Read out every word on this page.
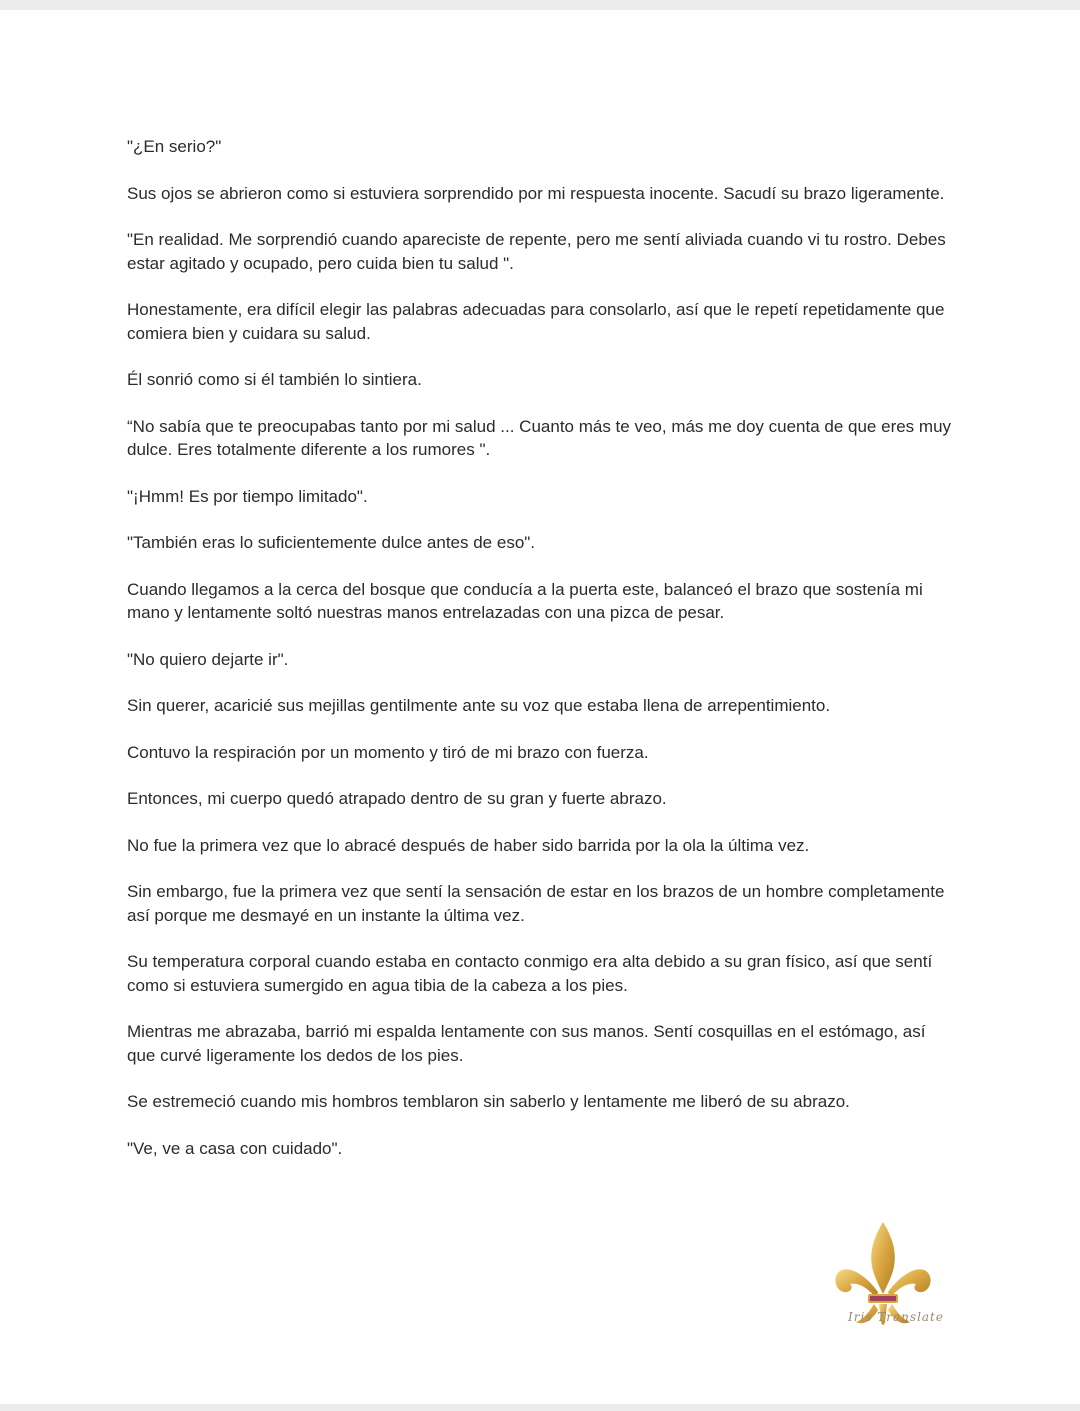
"¿En serio?"

Sus ojos se abrieron como si estuviera sorprendido por mi respuesta inocente. Sacudí su brazo ligeramente.

"En realidad. Me sorprendió cuando apareciste de repente, pero me sentí aliviada cuando vi tu rostro. Debes estar agitado y ocupado, pero cuida bien tu salud ".

Honestamente, era difícil elegir las palabras adecuadas para consolarlo, así que le repetí repetidamente que comiera bien y cuidara su salud.

Él sonrió como si él también lo sintiera.

“No sabía que te preocupabas tanto por mi salud ... Cuanto más te veo, más me doy cuenta de que eres muy dulce. Eres totalmente diferente a los rumores ".

"¡Hmm! Es por tiempo limitado".

"También eras lo suficientemente dulce antes de eso".

Cuando llegamos a la cerca del bosque que conducía a la puerta este, balanceó el brazo que sostenía mi mano y lentamente soltó nuestras manos entrelazadas con una pizca de pesar.

"No quiero dejarte ir".

Sin querer, acaricié sus mejillas gentilmente ante su voz que estaba llena de arrepentimiento.

Contuvo la respiración por un momento y tiró de mi brazo con fuerza.

Entonces, mi cuerpo quedó atrapado dentro de su gran y fuerte abrazo.

No fue la primera vez que lo abracé después de haber sido barrida por la ola la última vez.

Sin embargo, fue la primera vez que sentí la sensación de estar en los brazos de un hombre completamente así porque me desmayé en un instante la última vez.

Su temperatura corporal cuando estaba en contacto conmigo era alta debido a su gran físico, así que sentí como si estuviera sumergido en agua tibia de la cabeza a los pies.

Mientras me abrazaba, barrió mi espalda lentamente con sus manos. Sentí cosquillas en el estómago, así que curvé ligeramente los dedos de los pies.

Se estremeció cuando mis hombros temblaron sin saberlo y lentamente me liberó de su abrazo.

"Ve, ve a casa con cuidado".

Iris Translate
